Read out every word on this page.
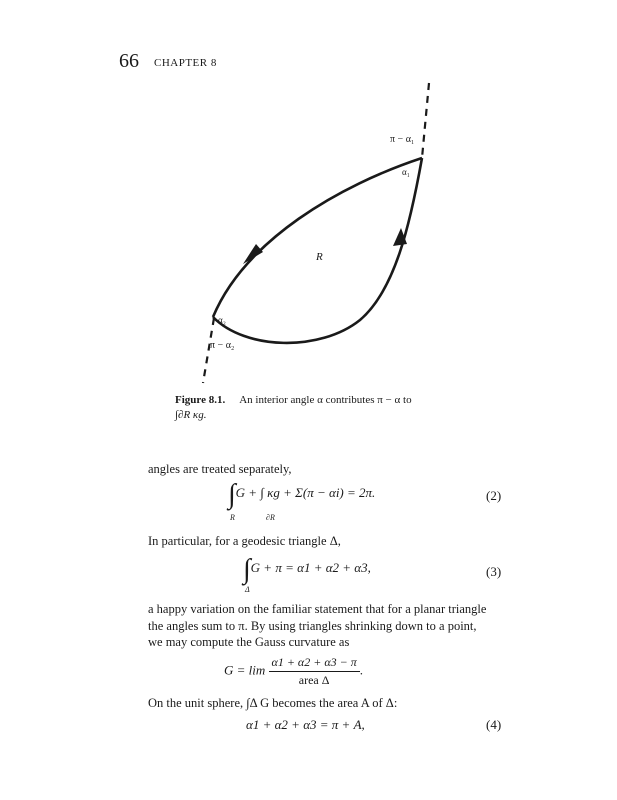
66 CHAPTER 8
π − α₁
α₁
R
α₂
π − α₂
Figure 8.1. An interior angle α contributes π − α to
∫∂R κg.
angles are treated separately,
∫G + ∫ κg + Σ(π − αi) = 2π.
R	∂R
(2)
In particular, for a geodesic triangle Δ,
∫G + π = α1 + α2 + α3,
Δ
(3)
a happy variation on the familiar statement that for a planar triangle
the angles sum to π. By using triangles shrinking down to a point,
we may compute the Gauss curvature as
$G = \lim \frac{\alpha 1 + \alpha 2 + \alpha 3 - \pi}{\text{area Δ}}$ .
On the unit sphere, ∫Δ G becomes the area A of Δ:
α1 + α2 + α3 = π + A,	(4)
